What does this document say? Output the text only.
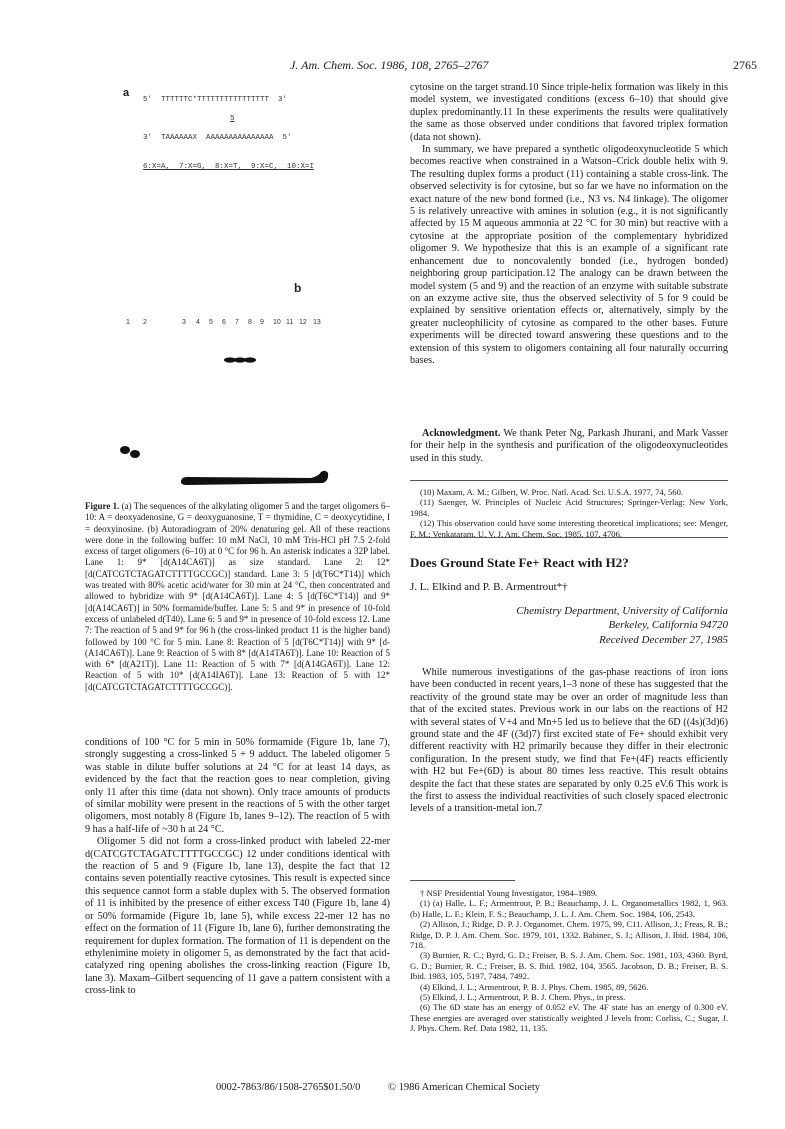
J. Am. Chem. Soc. 1986, 108, 2765–2767	2765
a
5'  TTTTTTC*TTTTTTTTTTTTTTTT  3'
5
3'  TAAAAAAX  AAAAAAAAAAAAAAA  5'
6:X=A,  7:X=G,  8:X=T,  9:X=C,  10:X=I
b
1 2	3 4 5 6 7 8 9 10 11 12 13
Figure 1. (a) The sequences of the alkylating oligomer 5 and the target oligomers 6–10: A = deoxyadenosine, G = deoxyguanosine, T = thymidine, C = deoxycytidine, I = deoxyinosine. (b) Autoradiogram of 20% denaturing gel. All of these reactions were done in the following buffer: 10 mM NaCl, 10 mM Tris-HCl pH 7.5 2-fold excess of target oligomers (6–10) at 0 °C for 96 h. An asterisk indicates a 32P label. Lane 1: 9* [d(A14CA6T)] as size standard. Lane 2: 12* [d(CATCGTCTAGATCTTTTGCCGC)] standard. Lane 3: 5 [d(T6C*T14)] which was treated with 80% acetic acid/water for 30 min at 24 °C, then concentrated and allowed to hybridize with 9* [d(A14CA6T)]. Lane 4: 5 [d(T6C*T14)] and 9* [d(A14CA6T)] in 50% formamide/buffer. Lane 5: 5 and 9* in presence of 10-fold excess of unlabeled d(T40). Lane 6: 5 and 9* in presence of 10-fold excess 12. Lane 7: The reaction of 5 and 9* for 96 h (the cross-linked product 11 is the higher band) followed by 100 °C for 5 min. Lane 8: Reaction of 5 [d(T6C*T14)] with 9* [d-(A14CA6T)]. Lane 9: Reaction of 5 with 8* [d(A14TA6T)]. Lane 10: Reaction of 5 with 6* [d(A21T)]. Lane 11: Reaction of 5 with 7* [d(A14GA6T)]. Lane 12: Reaction of 5 with 10* [d(A14IA6T)]. Lane 13: Reaction of 5 with 12* [d(CATCGTCTAGATCTTTTGCCGC)].

conditions of 100 °C for 5 min in 50% formamide (Figure 1b, lane 7), strongly suggesting a cross-linked 5 + 9 adduct. The labeled oligomer 5 was stable in dilute buffer solutions at 24 °C for at least 14 days, as evidenced by the fact that the reaction goes to near completion, giving only 11 after this time (data not shown). Only trace amounts of products of similar mobility were present in the reactions of 5 with the other target oligomers, most notably 8 (Figure 1b, lanes 9–12). The reaction of 5 with 9 has a half-life of ~30 h at 24 °C.

Oligomer 5 did not form a cross-linked product with labeled 22-mer d(CATCGTCTAGATCTTTTGCCGC) 12 under conditions identical with the reaction of 5 and 9 (Figure 1b, lane 13), despite the fact that 12 contains seven potentially reactive cytosines. This result is expected since this sequence cannot form a stable duplex with 5. The observed formation of 11 is inhibited by the presence of either excess T40 (Figure 1b, lane 4) or 50% formamide (Figure 1b, lane 5), while excess 22-mer 12 has no effect on the formation of 11 (Figure 1b, lane 6), further demonstrating the requirement for duplex formation. The formation of 11 is dependent on the ethylenimine moiety in oligomer 5, as demonstrated by the fact that acid-catalyzed ring opening abolishes the cross-linking reaction (Figure 1b, lane 3). Maxam–Gilbert sequencing of 11 gave a pattern consistent with a cross-link to

cytosine on the target strand.10 Since triple-helix formation was likely in this model system, we investigated conditions (excess 6–10) that should give duplex predominantly.11 In these experiments the results were qualitatively the same as those observed under conditions that favored triplex formation (data not shown).

In summary, we have prepared a synthetic oligodeoxynucleotide 5 which becomes reactive when constrained in a Watson–Crick double helix with 9. The resulting duplex forms a product (11) containing a stable cross-link. The observed selectivity is for cytosine, but so far we have no information on the exact nature of the new bond formed (i.e., N3 vs. N4 linkage). The oligomer 5 is relatively unreactive with amines in solution (e.g., it is not significantly affected by 15 M aqueous ammonia at 22 °C for 30 min) but reactive with a cytosine at the appropriate position of the complementary hybridized oligomer 9. We hypothesize that this is an example of a significant rate enhancement due to noncovalently bonded (i.e., hydrogen bonded) neighboring group participation.12 The analogy can be drawn between the model system (5 and 9) and the reaction of an enzyme with suitable substrate on an exzyme active site, thus the observed selectivity of 5 for 9 could be explained by sensitive orientation effects or, alternatively, simply by the greater nucleophilicity of cytosine as compared to the other bases. Future experiments will be directed toward answering these questions and to the extension of this system to oligomers containing all four naturally occurring bases.

Acknowledgment. We thank Peter Ng, Parkash Jhurani, and Mark Vasser for their help in the synthesis and purification of the oligodeoxynucleotides used in this study.

(10) Maxam, A. M.; Gilbert, W. Proc. Natl. Acad. Sci. U.S.A. 1977, 74, 560.
(11) Saenger, W. Principles of Nucleic Acid Structures; Springer-Verlag: New York, 1984.
(12) This observation could have some interesting theoretical implications; see: Menger, F. M.; Venkataram, U. V. J. Am. Chem. Soc. 1985, 107, 4706.
Does Ground State Fe+ React with H2?
J. L. Elkind and P. B. Armentrout*†
Chemistry Department, University of California
Berkeley, California 94720
Received December 27, 1985

While numerous investigations of the gas-phase reactions of iron ions have been conducted in recent years,1–3 none of these has suggested that the reactivity of the ground state may be over an order of magnitude less than that of the excited states. Previous work in our labs on the reactions of H2 with several states of V+4 and Mn+5 led us to believe that the 6D ((4s)(3d)6) ground state and the 4F ((3d)7) first excited state of Fe+ should exhibit very different reactivity with H2 primarily because they differ in their electronic configuration. In the present study, we find that Fe+(4F) reacts efficiently with H2 but Fe+(6D) is about 80 times less reactive. This result obtains despite the fact that these states are separated by only 0.25 eV.6 This work is the first to assess the individual reactivities of such closely spaced electronic levels of a transition-metal ion.7

† NSF Presidential Young Investigator, 1984–1989.
(1) (a) Halle, L. F.; Armentrout, P. B.; Beauchamp, J. L. Organometallics 1982, 1, 963. (b) Halle, L. F.; Klein, F. S.; Beauchamp, J. L. J. Am. Chem. Soc. 1984, 106, 2543.
(2) Allison, J.; Ridge, D. P. J. Organomet. Chem. 1975, 99, C11. Allison, J.; Freas, R. B.; Ridge, D. P. J. Am. Chem. Soc. 1979, 101, 1332. Babinec, S. J.; Allison, J. Ibid. 1984, 106, 718.
(3) Burnier, R. C.; Byrd, G. D.; Freiser, B. S. J. Am. Chem. Soc. 1981, 103, 4360. Byrd, G. D.; Burnier, R. C.; Freiser, B. S. Ibid. 1982, 104, 3565. Jacobson, D. B.; Freiser, B. S. Ibid. 1983, 105, 5197, 7484, 7492.
(4) Elkind, J. L.; Armentrout, P. B. J. Phys. Chem. 1985, 89, 5626.
(5) Elkind, J. L.; Armentrout, P. B. J. Chem. Phys., in press.
(6) The 6D state has an energy of 0.052 eV. The 4F state has an energy of 0.300 eV. These energies are averaged over statistically weighted J levels from: Corliss, C.; Sugar, J. J. Phys. Chem. Ref. Data 1982, 11, 135.
0002-7863/86/1508-2765$01.50/0	© 1986 American Chemical Society
